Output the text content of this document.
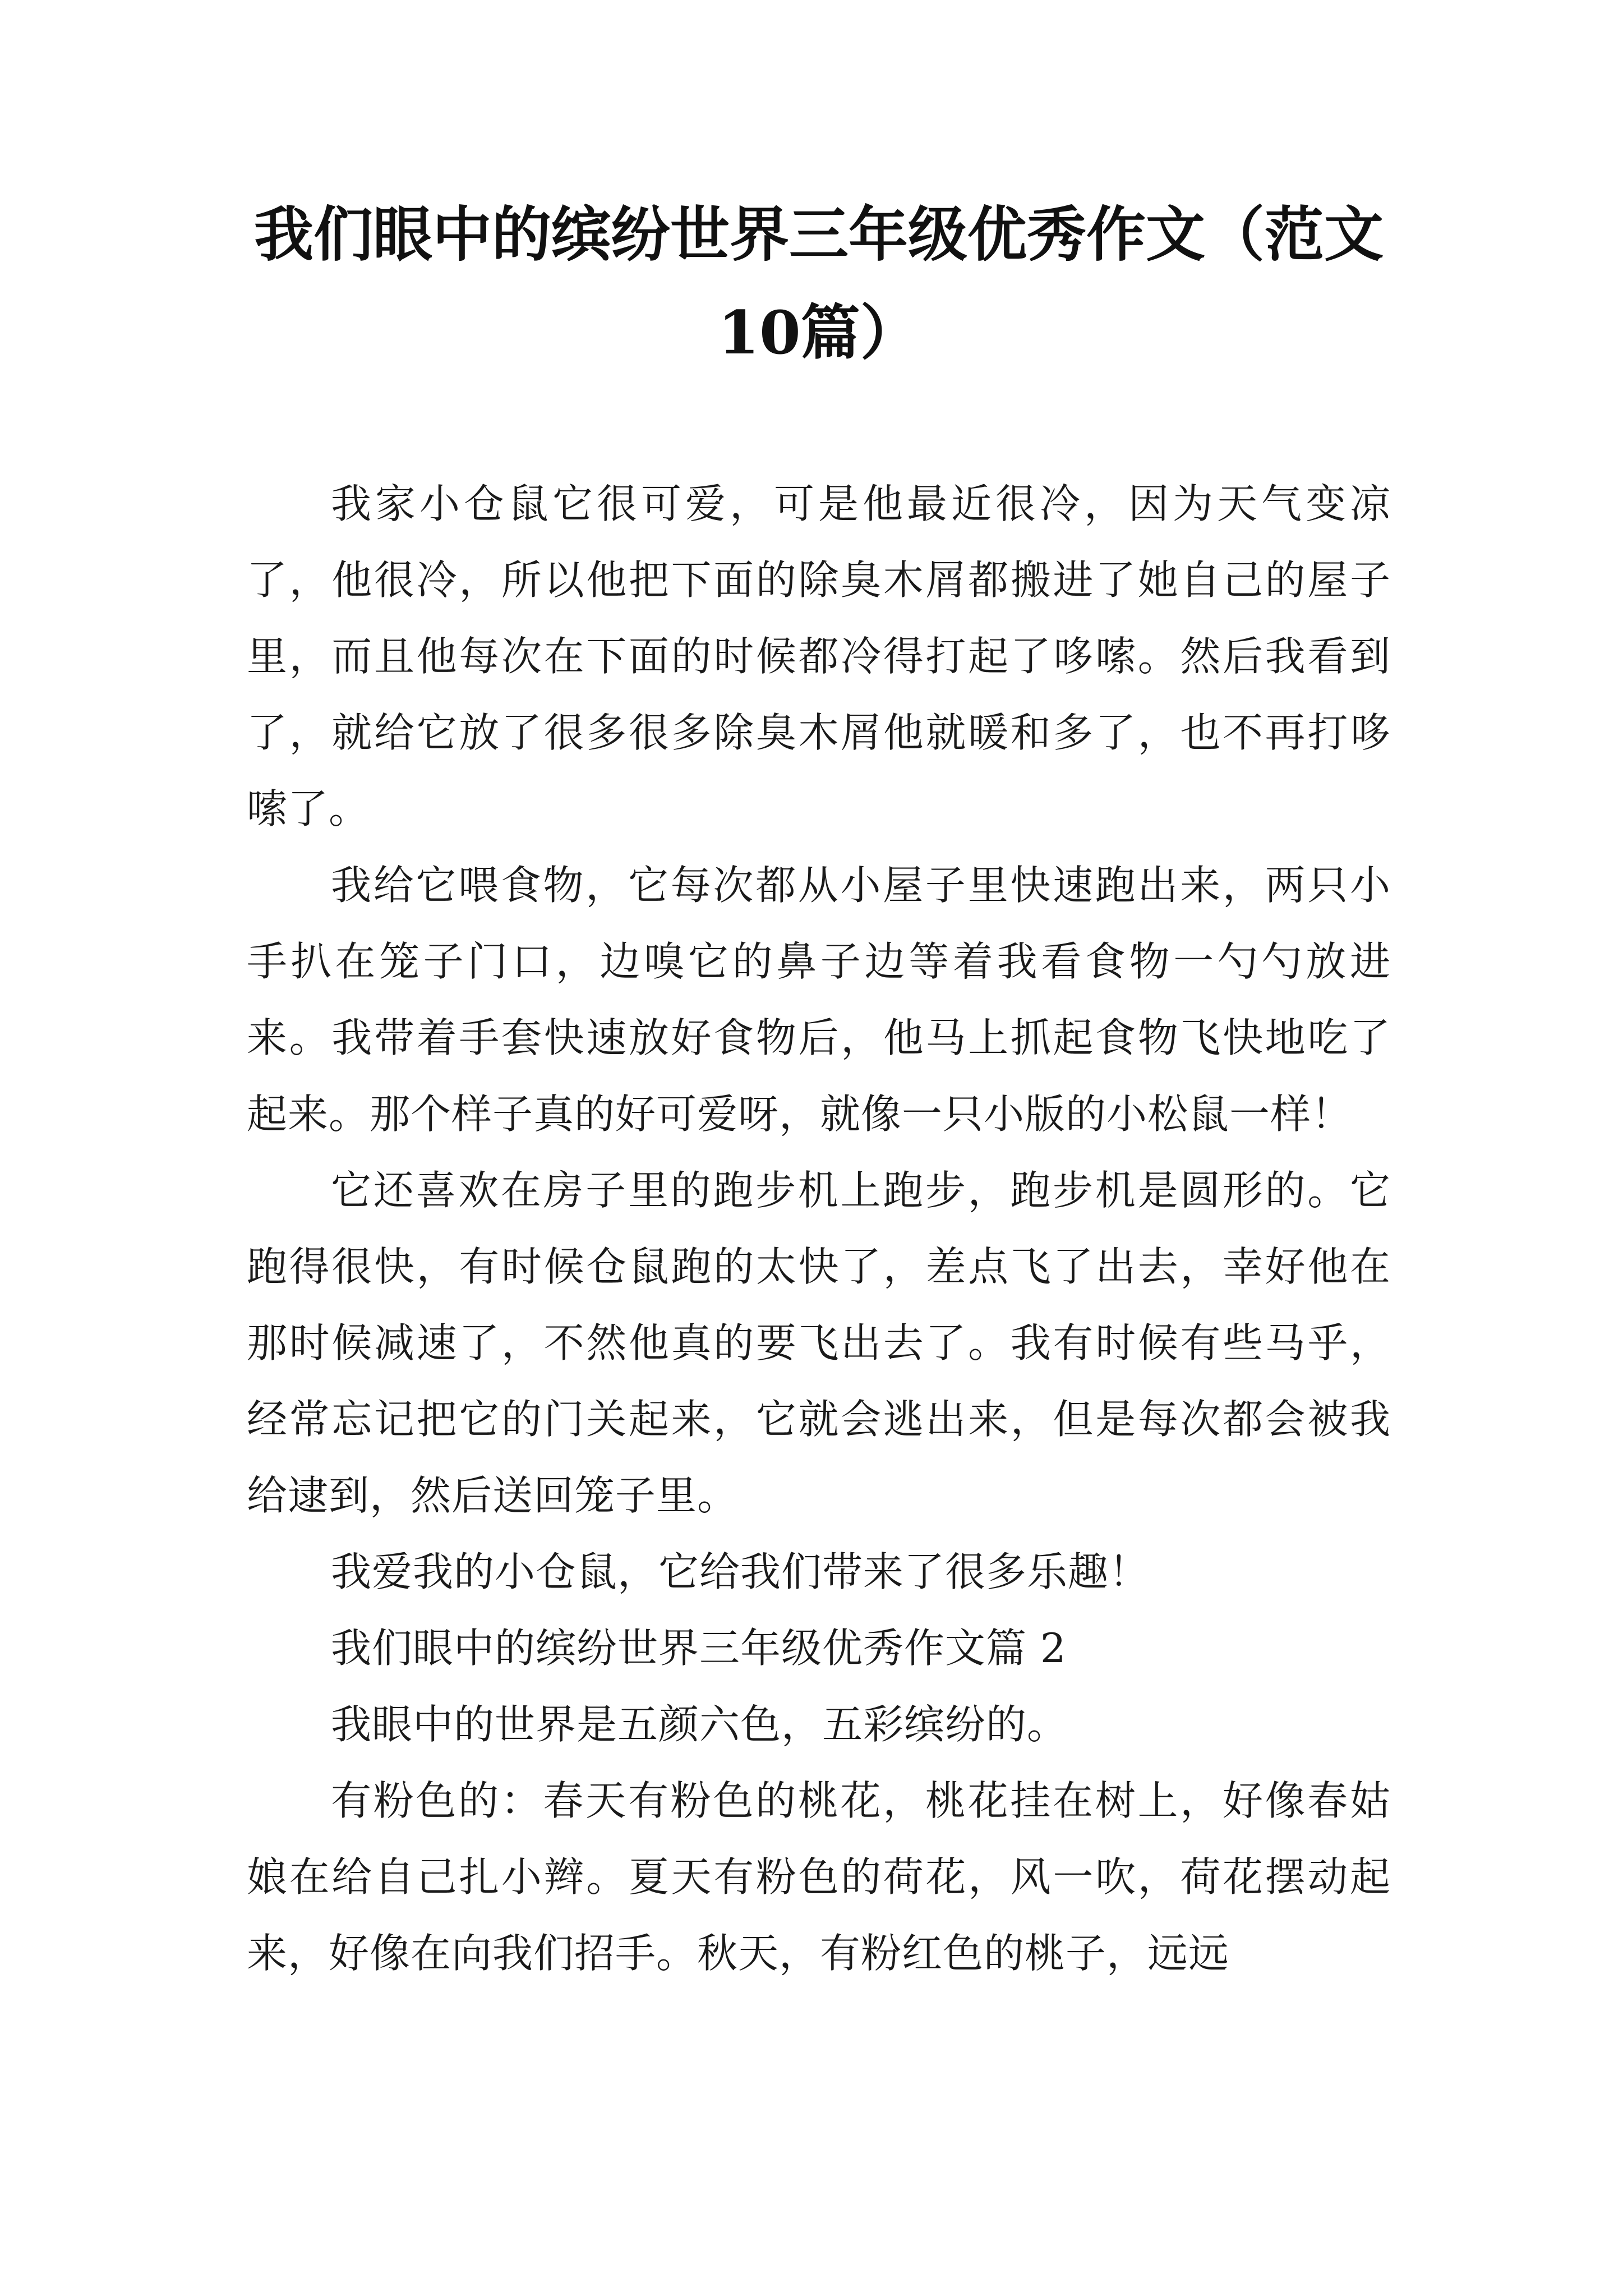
我们眼中的缤纷世界三年级优秀作文（范文10篇）

我家小仓鼠它很可爱，可是他最近很冷，因为天气变凉了，他很冷，所以他把下面的除臭木屑都搬进了她自己的屋子里，而且他每次在下面的时候都冷得打起了哆嗦。然后我看到了，就给它放了很多很多除臭木屑他就暖和多了，也不再打哆嗦了。

我给它喂食物，它每次都从小屋子里快速跑出来，两只小手扒在笼子门口，边嗅它的鼻子边等着我看食物一勺勺放进来。我带着手套快速放好食物后，他马上抓起食物飞快地吃了起来。那个样子真的好可爱呀，就像一只小版的小松鼠一样！

它还喜欢在房子里的跑步机上跑步，跑步机是圆形的。它跑得很快，有时候仓鼠跑的太快了，差点飞了出去，幸好他在那时候减速了，不然他真的要飞出去了。我有时候有些马乎，经常忘记把它的门关起来，它就会逃出来，但是每次都会被我给逮到，然后送回笼子里。

我爱我的小仓鼠，它给我们带来了很多乐趣！

我们眼中的缤纷世界三年级优秀作文篇 2

我眼中的世界是五颜六色，五彩缤纷的。

有粉色的：春天有粉色的桃花，桃花挂在树上，好像春姑娘在给自己扎小辫。夏天有粉色的荷花，风一吹，荷花摆动起来，好像在向我们招手。秋天，有粉红色的桃子，远远
